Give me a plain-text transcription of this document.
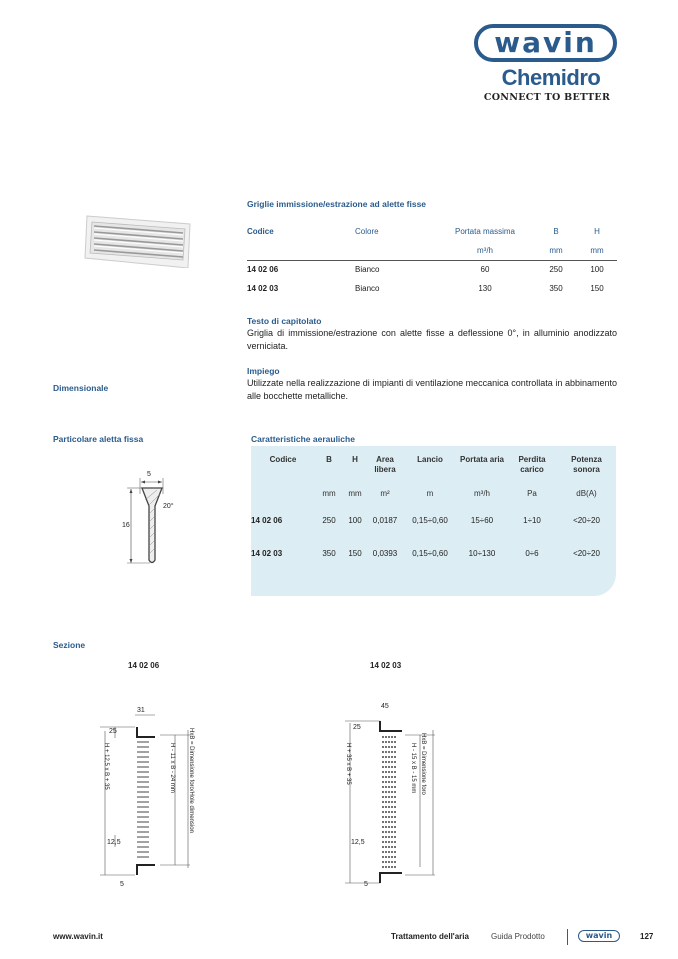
wavin
Chemidro
CONNECT TO BETTER
Griglie immissione/estrazione ad alette fisse
Codice	Colore	Portata massima	B	H
		m³/h	mm	mm
14 02 06	Bianco	60	250	100
14 02 03	Bianco	130	350	150
Testo di capitolato
Griglia di immissione/estrazione con alette fisse a deflessione 0°, in alluminio anodizzato verniciata.
Impiego
Utilizzate nella realizzazione di impianti di ventilazione meccanica controllata in abbinamento alle bocchette metalliche.
Dimensionale
Particolare aletta fissa
5
16
20°
Caratteristiche aerauliche
Codice	B	H	Area libera	Lancio	Portata aria	Perdita carico	Potenza sonora
	mm	mm	m²	m	m³/h	Pa	dB(A)
14 02 06	250	100	0,0187	0,15÷0,60	15÷60	1÷10	<20÷20
14 02 03	350	150	0,0393	0,15÷0,60	10÷130	0÷6	<20÷20
Sezione
14 02 06	14 02 03
31
25
12,5
5
H + 12,5 x B + 35	H - 11 x B - 24 mm HxB = Dimensione foro/Hole dimension
45
25
12,5
5
H + 35 x B + 35	H - 15 x B - 15 mm HxB = Dimensione foro
www.wavin.it	Trattamento dell'aria	Guida Prodotto	wavin	127
